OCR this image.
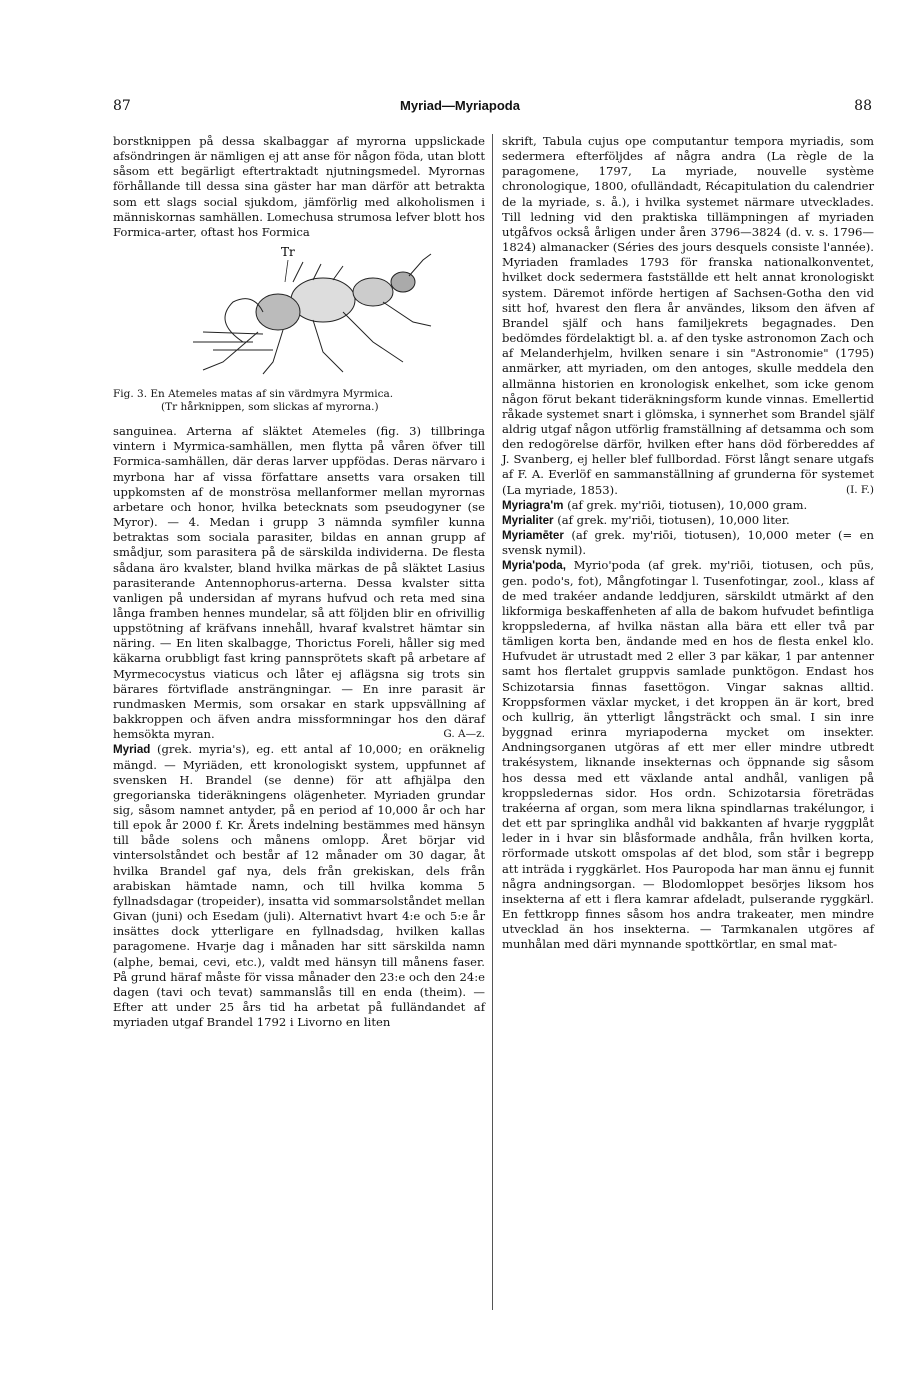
87	Myriad—Myriapoda	88

borstknippen på dessa skalbaggar af myrorna uppslickade afsöndringen är nämligen ej att anse för någon föda, utan blott såsom ett begärligt eftertraktadt njutningsmedel. Myrornas förhållande till dessa sina gäster har man därför att betrakta som ett slags social sjukdom, jämförlig med alkoholismen i människornas samhällen. Lomechusa strumosa lefver blott hos Formica-arter, oftast hos Formica

Tr
Fig. 3. En Atemeles matas af sin värdmyra Myrmica.
(Tr hårknippen, som slickas af myrorna.)

sanguinea. Arterna af släktet Atemeles (fig. 3) tillbringa vintern i Myrmica-samhällen, men flytta på våren öfver till Formica-samhällen, där deras larver uppfödas. Deras närvaro i myrbona har af vissa författare ansetts vara orsaken till uppkomsten af de monströsa mellanformer mellan myrornas arbetare och honor, hvilka betecknats som pseudogyner (se Myror). — 4. Medan i grupp 3 nämnda symfiler kunna betraktas som sociala parasiter, bildas en annan grupp af smådjur, som parasitera på de särskilda individerna. De flesta sådana äro kvalster, bland hvilka märkas de på släktet Lasius parasiterande Antennophorus-arterna. Dessa kvalster sitta vanligen på undersidan af myrans hufvud och reta med sina långa framben hennes mundelar, så att följden blir en ofrivillig uppstötning af kräfvans innehåll, hvaraf kvalstret hämtar sin näring. — En liten skalbagge, Thorictus Foreli, håller sig med käkarna orubbligt fast kring pannsprötets skaft på arbetare af Myrmecocystus viaticus och låter ej aflägsna sig trots sin bärares förtviflade ansträngningar. — En inre parasit är rundmasken Mermis, som orsakar en stark uppsvällning af bakkroppen och äfven andra missformningar hos den däraf hemsökta myran.	G. A—z.

Myriad (grek. myria's), eg. ett antal af 10,000; en oräknelig mängd. — Myriäden, ett kronologiskt system, uppfunnet af svensken H. Brandel (se denne) för att afhjälpa den gregorianska tideräkningens olägenheter. Myriaden grundar sig, såsom namnet antyder, på en period af 10,000 år och har till epok år 2000 f. Kr. Årets indelning bestämmes med hänsyn till både solens och månens omlopp. Året börjar vid vintersolståndet och består af 12 månader om 30 dagar, åt hvilka Brandel gaf nya, dels från grekiskan, dels från arabiskan hämtade namn, och till hvilka komma 5 fyllnadsdagar (tropeider), insatta vid sommarsolståndet mellan Givan (juni) och Esedam (juli). Alternativt hvart 4:e och 5:e år insättes dock ytterligare en fyllnadsdag, hvilken kallas paragomene. Hvarje dag i månaden har sitt särskilda namn (alphe, bemai, cevi, etc.), valdt med hänsyn till månens faser. På grund häraf måste för vissa månader den 23:e och den 24:e dagen (tavi och tevat) sammanslås till en enda (theim). — Efter att under 25 års tid ha arbetat på fulländandet af myriaden utgaf Brandel 1792 i Livorno en liten

skrift, Tabula cujus ope computantur tempora myriadis, som sedermera efterföljdes af några andra (La règle de la paragomene, 1797, La myriade, nouvelle système chronologique, 1800, ofulländadt, Récapitulation du calendrier de la myriade, s. å.), i hvilka systemet närmare utvecklades. Till ledning vid den praktiska tillämpningen af myriaden utgåfvos också årligen under åren 3796—3824 (d. v. s. 1796—1824) almanacker (Séries des jours desquels consiste l'année). Myriaden framlades 1793 för franska nationalkonventet, hvilket dock sedermera fastställde ett helt annat kronologiskt system. Däremot införde hertigen af Sachsen-Gotha den vid sitt hof, hvarest den flera år användes, liksom den äfven af Brandel själf och hans familjekrets begagnades. Den bedömdes fördelaktigt bl. a. af den tyske astronomon Zach och af Melanderhjelm, hvilken senare i sin "Astronomie" (1795) anmärker, att myriaden, om den antoges, skulle meddela den allmänna historien en kronologisk enkelhet, som icke genom någon förut bekant tideräkningsform kunde vinnas. Emellertid råkade systemet snart i glömska, i synnerhet som Brandel själf aldrig utgaf någon utförlig framställning af detsamma och som den redogörelse därför, hvilken efter hans död förbereddes af J. Svanberg, ej heller blef fullbordad. Först långt senare utgafs af F. A. Everlöf en sammanställning af grunderna för systemet (La myriade, 1853).	(I. F.)

Myriagra'm (af grek. my'riōi, tiotusen), 10,000 gram.

Myrialiter (af grek. my'riōi, tiotusen), 10,000 liter.

Myriamēter (af grek. my'riōi, tiotusen), 10,000 meter (= en svensk nymil).

Myria'poda, Myrio'poda (af grek. my'riōi, tiotusen, och pūs, gen. podo's, fot), Mångfotingar l. Tusenfotingar, zool., klass af de med trakéer andande leddjuren, särskildt utmärkt af den likformiga beskaffenheten af alla de bakom hufvudet befintliga kroppslederna, af hvilka nästan alla bära ett eller två par tämligen korta ben, ändande med en hos de flesta enkel klo. Hufvudet är utrustadt med 2 eller 3 par käkar, 1 par antenner samt hos flertalet gruppvis samlade punktögon. Endast hos Schizotarsia finnas fasettögon. Vingar saknas alltid. Kroppsformen växlar mycket, i det kroppen än är kort, bred och kullrig, än ytterligt långsträckt och smal. I sin inre byggnad erinra myriapoderna mycket om insekter. Andningsorganen utgöras af ett mer eller mindre utbredt trakésystem, liknande insekternas och öppnande sig såsom hos dessa med ett växlande antal andhål, vanligen på kroppsledernas sidor. Hos ordn. Schizotarsia företrädas trakéerna af organ, som mera likna spindlarnas trakélungor, i det ett par springlika andhål vid bakkanten af hvarje ryggplåt leder in i hvar sin blåsformade andhåla, från hvilken korta, rörformade utskott omspolas af det blod, som står i begrepp att inträda i ryggkärlet. Hos Pauropoda har man ännu ej funnit några andningsorgan. — Blodomloppet besörjes liksom hos insekterna af ett i flera kamrar afdeladt, pulserande ryggkärl. En fettkropp finnes såsom hos andra trakeater, men mindre utvecklad än hos insekterna. — Tarmkanalen utgöres af munhålan med däri mynnande spottkörtlar, en smal mat-
